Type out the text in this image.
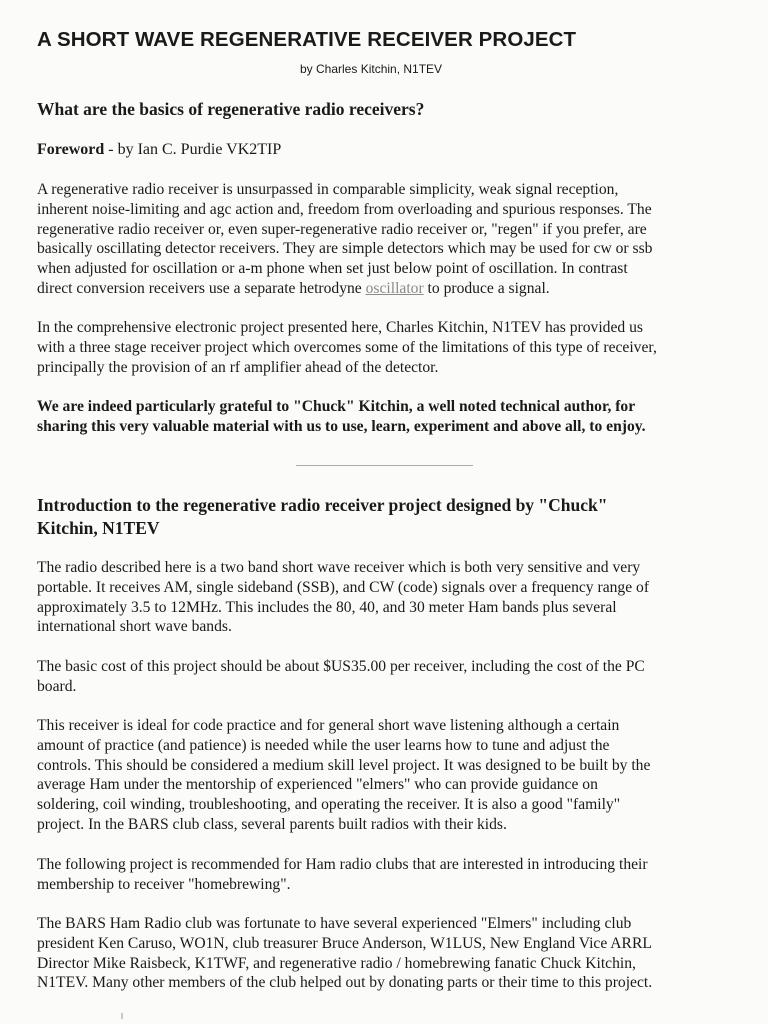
A SHORT WAVE REGENERATIVE RECEIVER PROJECT

by Charles Kitchin, N1TEV

What are the basics of regenerative radio receivers?

Foreword - by Ian C. Purdie VK2TIP

A regenerative radio receiver is unsurpassed in comparable simplicity, weak signal reception,
inherent noise-limiting and agc action and, freedom from overloading and spurious responses. The
regenerative radio receiver or, even super-regenerative radio receiver or, "regen" if you prefer, are
basically oscillating detector receivers. They are simple detectors which may be used for cw or ssb
when adjusted for oscillation or a-m phone when set just below point of oscillation. In contrast
direct conversion receivers use a separate hetrodyne oscillator to produce a signal.

In the comprehensive electronic project presented here, Charles Kitchin, N1TEV has provided us
with a three stage receiver project which overcomes some of the limitations of this type of receiver,
principally the provision of an rf amplifier ahead of the detector.

We are indeed particularly grateful to "Chuck" Kitchin, a well noted technical author, for
sharing this very valuable material with us to use, learn, experiment and above all, to enjoy.

Introduction to the regenerative radio receiver project designed by "Chuck"
Kitchin, N1TEV

The radio described here is a two band short wave receiver which is both very sensitive and very
portable. It receives AM, single sideband (SSB), and CW (code) signals over a frequency range of
approximately 3.5 to 12MHz. This includes the 80, 40, and 30 meter Ham bands plus several
international short wave bands.

The basic cost of this project should be about $US35.00 per receiver, including the cost of the PC
board.

This receiver is ideal for code practice and for general short wave listening although a certain
amount of practice (and patience) is needed while the user learns how to tune and adjust the
controls. This should be considered a medium skill level project. It was designed to be built by the
average Ham under the mentorship of experienced "elmers" who can provide guidance on
soldering, coil winding, troubleshooting, and operating the receiver. It is also a good "family"
project. In the BARS club class, several parents built radios with their kids.

The following project is recommended for Ham radio clubs that are interested in introducing their
membership to receiver "homebrewing".

The BARS Ham Radio club was fortunate to have several experienced "Elmers" including club
president Ken Caruso, WO1N, club treasurer Bruce Anderson, W1LUS, New England Vice ARRL
Director Mike Raisbeck, K1TWF, and regenerative radio / homebrewing fanatic Chuck Kitchin,
N1TEV. Many other members of the club helped out by donating parts or their time to this project.
